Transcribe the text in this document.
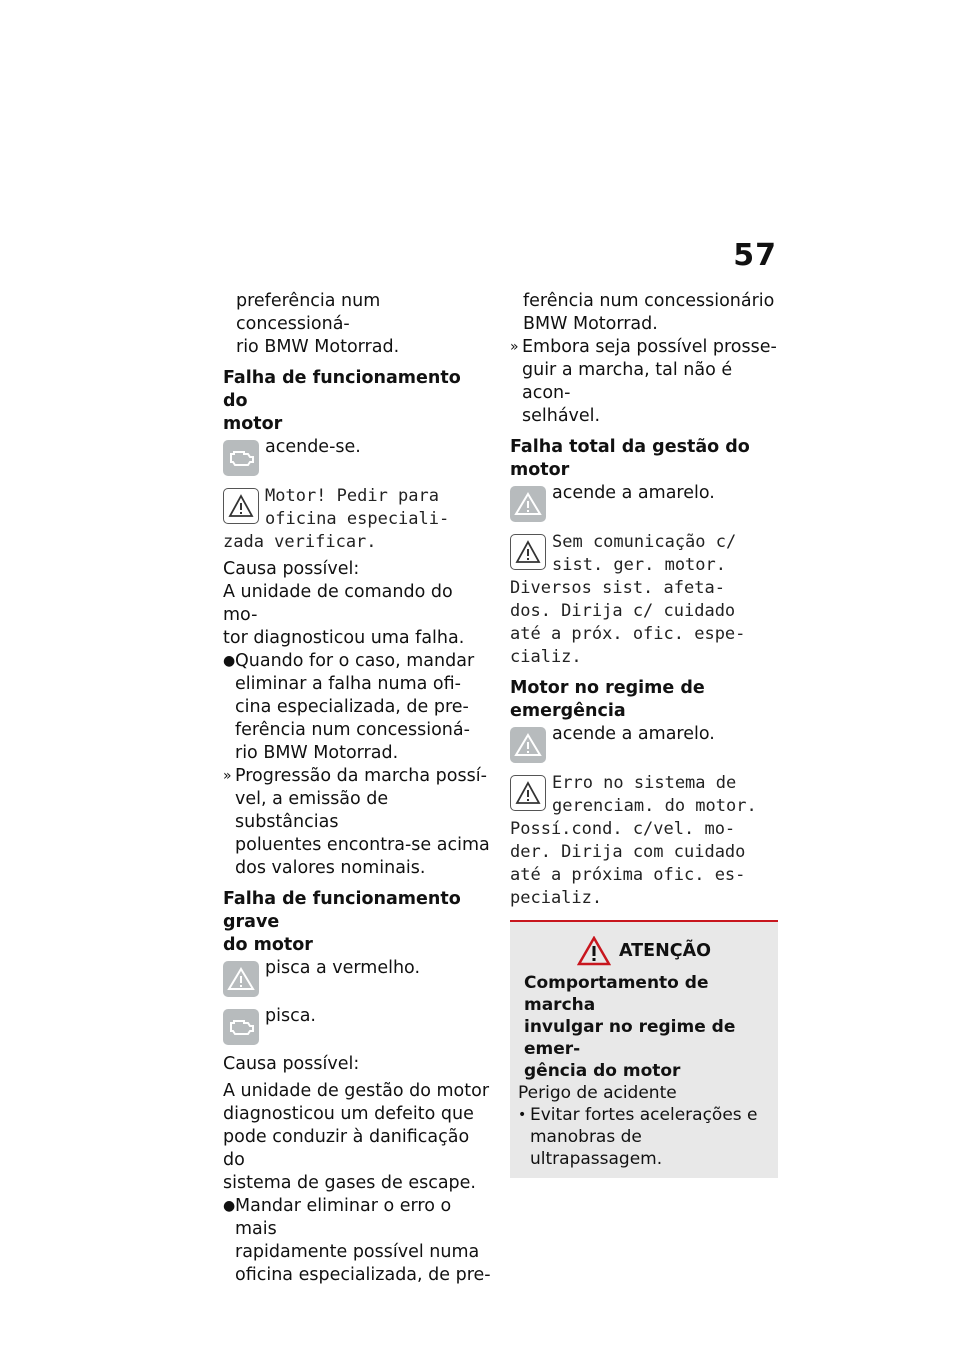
57

preferência num concessioná-
rio BMW Motorrad.

Falha de funcionamento do
motor

acende-se.
Motor! Pedir para
oficina especiali-
zada verificar.

Causa possível:

A unidade de comando do mo-
tor diagnosticou uma falha.

● Quando for o caso, mandar
eliminar a falha numa ofi-
cina especializada, de pre-
ferência num concessioná-
rio BMW Motorrad.
» Progressão da marcha possí-
vel, a emissão de substâncias
poluentes encontra-se acima
dos valores nominais.

Falha de funcionamento grave
do motor

pisca a vermelho.
pisca.

Causa possível:

A unidade de gestão do motor
diagnosticou um defeito que
pode conduzir à danificação do
sistema de gases de escape.

● Mandar eliminar o erro o mais
rapidamente possível numa
oficina especializada, de pre-

ferência num concessionário
BMW Motorrad.

» Embora seja possível prosse-
guir a marcha, tal não é acon-
selhável.

Falha total da gestão do
motor

acende a amarelo.
Sem comunicação c/
sist. ger. motor.
Diversos sist. afeta-
dos. Dirija c/ cuidado
até a próx. ofic. espe-
cializ.

Motor no regime de
emergência

acende a amarelo.
Erro no sistema de
gerenciam. do motor.
Possí.cond. c/vel. mo-
der. Dirija com cuidado
até a próxima ofic. es-
pecializ.
ATENÇÃO
Comportamento de marcha
invulgar no regime de emer-
gência do motor
Perigo de acidente
• Evitar fortes acelerações e
manobras de ultrapassagem.
